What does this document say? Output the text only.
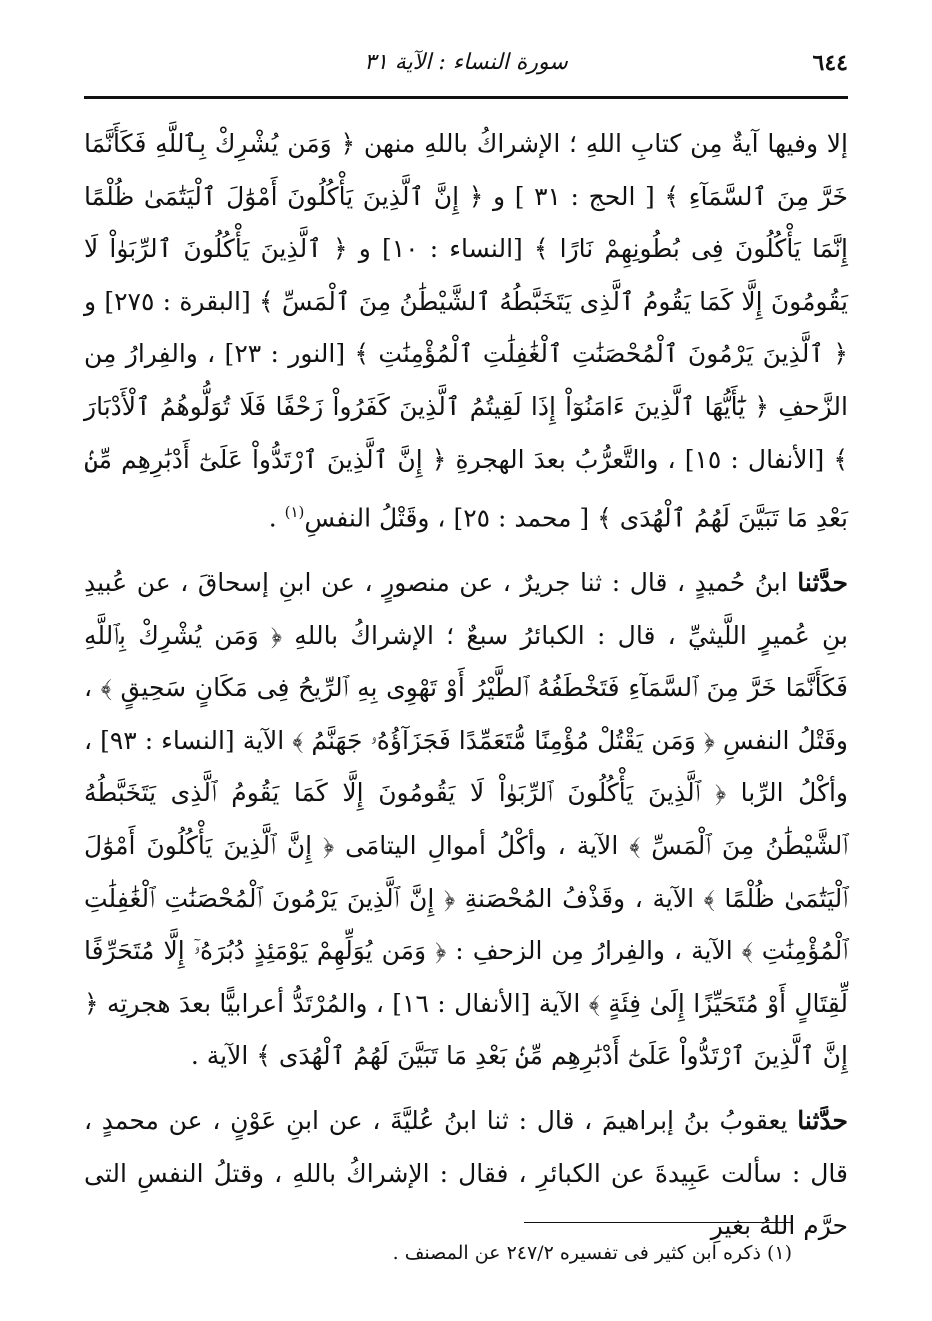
٦٤٤
سورة النساء : الآية ٣١

إلا وفيها آيةٌ مِن كتابِ اللهِ ؛ الإشراكُ باللهِ منهن ﴿ وَمَن يُشْرِكْ بِٱللَّهِ فَكَأَنَّمَا خَرَّ مِنَ ٱلسَّمَآءِ ﴾ [ الحج : ٣١ ] و ﴿ إِنَّ ٱلَّذِينَ يَأْكُلُونَ أَمْوَٰلَ ٱلْيَتَٰمَىٰ ظُلْمًا إِنَّمَا يَأْكُلُونَ فِى بُطُونِهِمْ نَارًا ﴾ [النساء : ١٠] و ﴿ ٱلَّذِينَ يَأْكُلُونَ ٱلرِّبَوٰاْ لَا يَقُومُونَ إِلَّا كَمَا يَقُومُ ٱلَّذِى يَتَخَبَّطُهُ ٱلشَّيْطَٰنُ مِنَ ٱلْمَسِّ ﴾ [البقرة : ٢٧٥] و ﴿ ٱلَّذِينَ يَرْمُونَ ٱلْمُحْصَنَٰتِ ٱلْغَٰفِلَٰتِ ٱلْمُؤْمِنَٰتِ ﴾ [النور : ٢٣] ، والفِرارُ مِن الزَّحفِ ﴿ يَٰٓأَيُّهَا ٱلَّذِينَ ءَامَنُوٓاْ إِذَا لَقِيتُمُ ٱلَّذِينَ كَفَرُواْ زَحْفًا فَلَا تُوَلُّوهُمُ ٱلْأَدْبَارَ ﴾ [الأنفال : ١٥] ، والتَّعرُّبُ بعدَ الهجرةِ ﴿ إِنَّ ٱلَّذِينَ ٱرْتَدُّواْ عَلَىٰٓ أَدْبَٰرِهِم مِّنۢ بَعْدِ مَا تَبَيَّنَ لَهُمُ ٱلْهُدَى ﴾ [ محمد : ٢٥] ، وقَتْلُ النفسِ$^{(١)}$ .

حدَّثنا ابنُ حُميدٍ ، قال : ثنا جريرٌ ، عن منصورٍ ، عن ابنِ إسحاقَ ، عن عُبيدِ بنِ عُميرٍ اللَّيثيِّ ، قال : الكبائرُ سبعٌ ؛ الإشراكُ باللهِ ﴿ وَمَن يُشْرِكْ بِٱللَّهِ فَكَأَنَّمَا خَرَّ مِنَ ٱلسَّمَآءِ فَتَخْطَفُهُ ٱلطَّيْرُ أَوْ تَهْوِى بِهِ ٱلرِّيحُ فِى مَكَانٍ سَحِيقٍ ﴾ ، وقَتْلُ النفسِ ﴿ وَمَن يَقْتُلْ مُؤْمِنًا مُّتَعَمِّدًا فَجَزَآؤُهُۥ جَهَنَّمُ ﴾ الآية [النساء : ٩٣] ، وأكْلُ الرِّبا ﴿ ٱلَّذِينَ يَأْكُلُونَ ٱلرِّبَوٰاْ لَا يَقُومُونَ إِلَّا كَمَا يَقُومُ ٱلَّذِى يَتَخَبَّطُهُ ٱلشَّيْطَٰنُ مِنَ ٱلْمَسِّ ﴾ الآية ، وأكْلُ أموالِ اليتامَى ﴿ إِنَّ ٱلَّذِينَ يَأْكُلُونَ أَمْوَٰلَ ٱلْيَتَٰمَىٰ ظُلْمًا ﴾ الآية ، وقَذْفُ المُحْصَنةِ ﴿ إِنَّ ٱلَّذِينَ يَرْمُونَ ٱلْمُحْصَنَٰتِ ٱلْغَٰفِلَٰتِ ٱلْمُؤْمِنَٰتِ ﴾ الآية ، والفِرارُ مِن الزحفِ : ﴿ وَمَن يُوَلِّهِمْ يَوْمَئِذٍ دُبُرَهُۥٓ إِلَّا مُتَحَرِّفًا لِّقِتَالٍ أَوْ مُتَحَيِّزًا إِلَىٰ فِئَةٍ ﴾ الآية [الأنفال : ١٦] ، والمُرْتَدُّ أعرابيًّا بعدَ هجرتِه ﴿ إِنَّ ٱلَّذِينَ ٱرْتَدُّواْ عَلَىٰٓ أَدْبَٰرِهِم مِّنۢ بَعْدِ مَا تَبَيَّنَ لَهُمُ ٱلْهُدَى ﴾ الآية .

حدَّثنا يعقوبُ بنُ إبراهيمَ ، قال : ثنا ابنُ عُليَّةَ ، عن ابنِ عَوْنٍ ، عن محمدٍ ، قال : سألت عَبِيدةَ عن الكبائرِ ، فقال : الإشراكُ باللهِ ، وقتلُ النفسِ التى حرَّم اللهُ بغيرِ

(١) ذكره ابن كثير فى تفسيره ٢٤٧/٢ عن المصنف .
